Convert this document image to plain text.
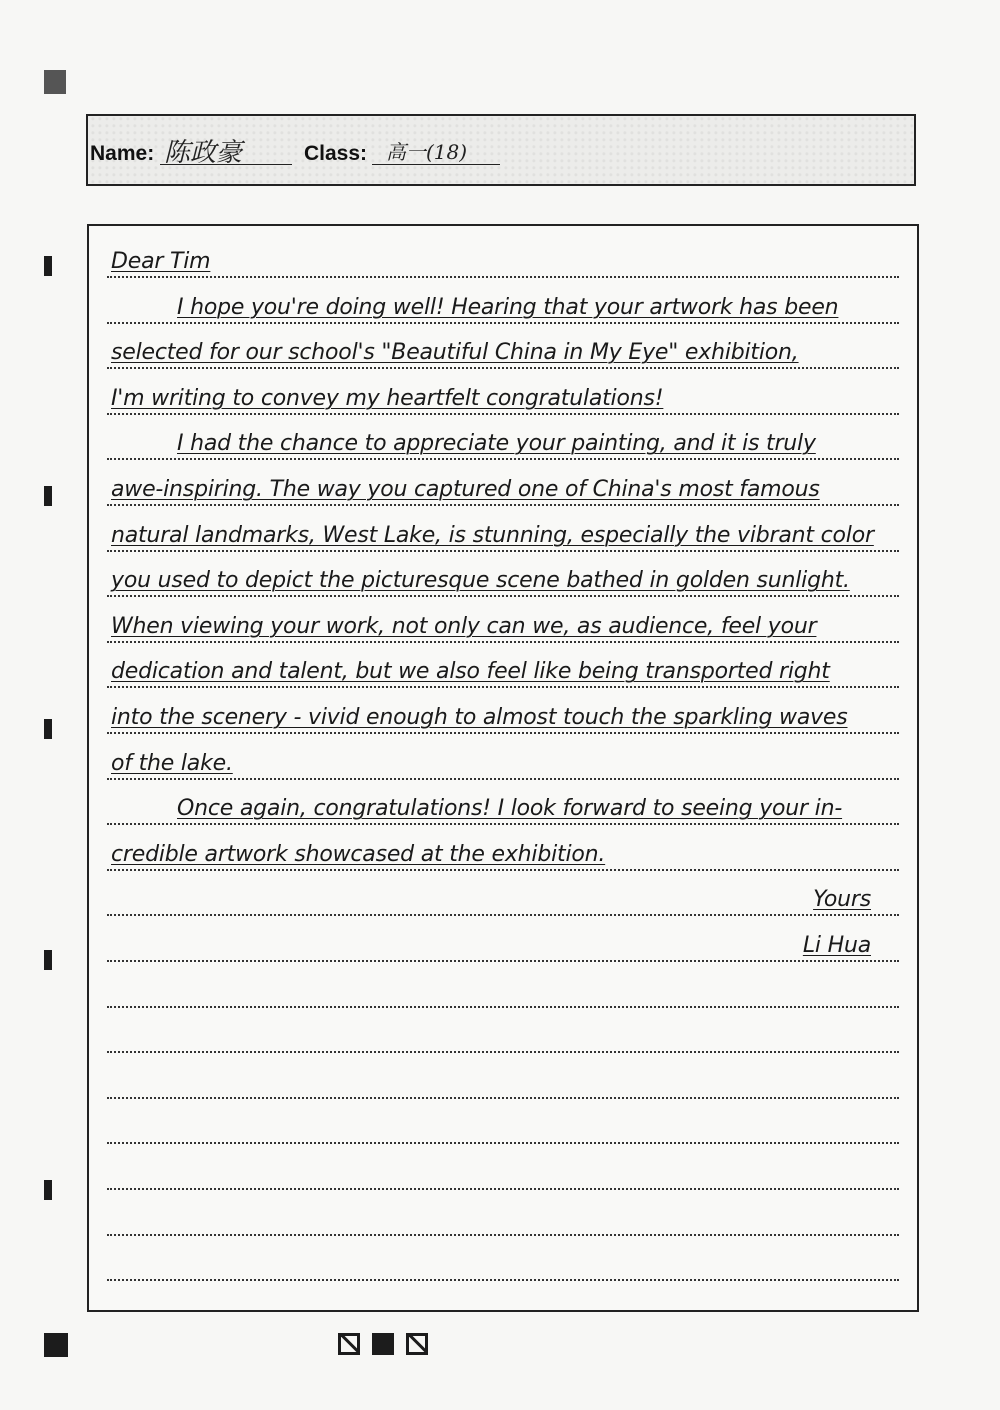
Name: 陈政豪	Class: 高一(18)
Dear Tim
I hope you're doing well! Hearing that your artwork has been
selected for our school's "Beautiful China in My Eye" exhibition,
I'm writing to convey my heartfelt congratulations!
I had the chance to appreciate your painting, and it is truly
awe-inspiring. The way you captured one of China's most famous
natural landmarks, West Lake, is stunning, especially the vibrant color
you used to depict the picturesque scene bathed in golden sunlight.
When viewing your work, not only can we, as audience, feel your
dedication and talent, but we also feel like being transported right
into the scenery - vivid enough to almost touch the sparkling waves
of the lake.
Once again, congratulations! I look forward to seeing your in-
credible artwork showcased at the exhibition.
Yours
Li Hua
